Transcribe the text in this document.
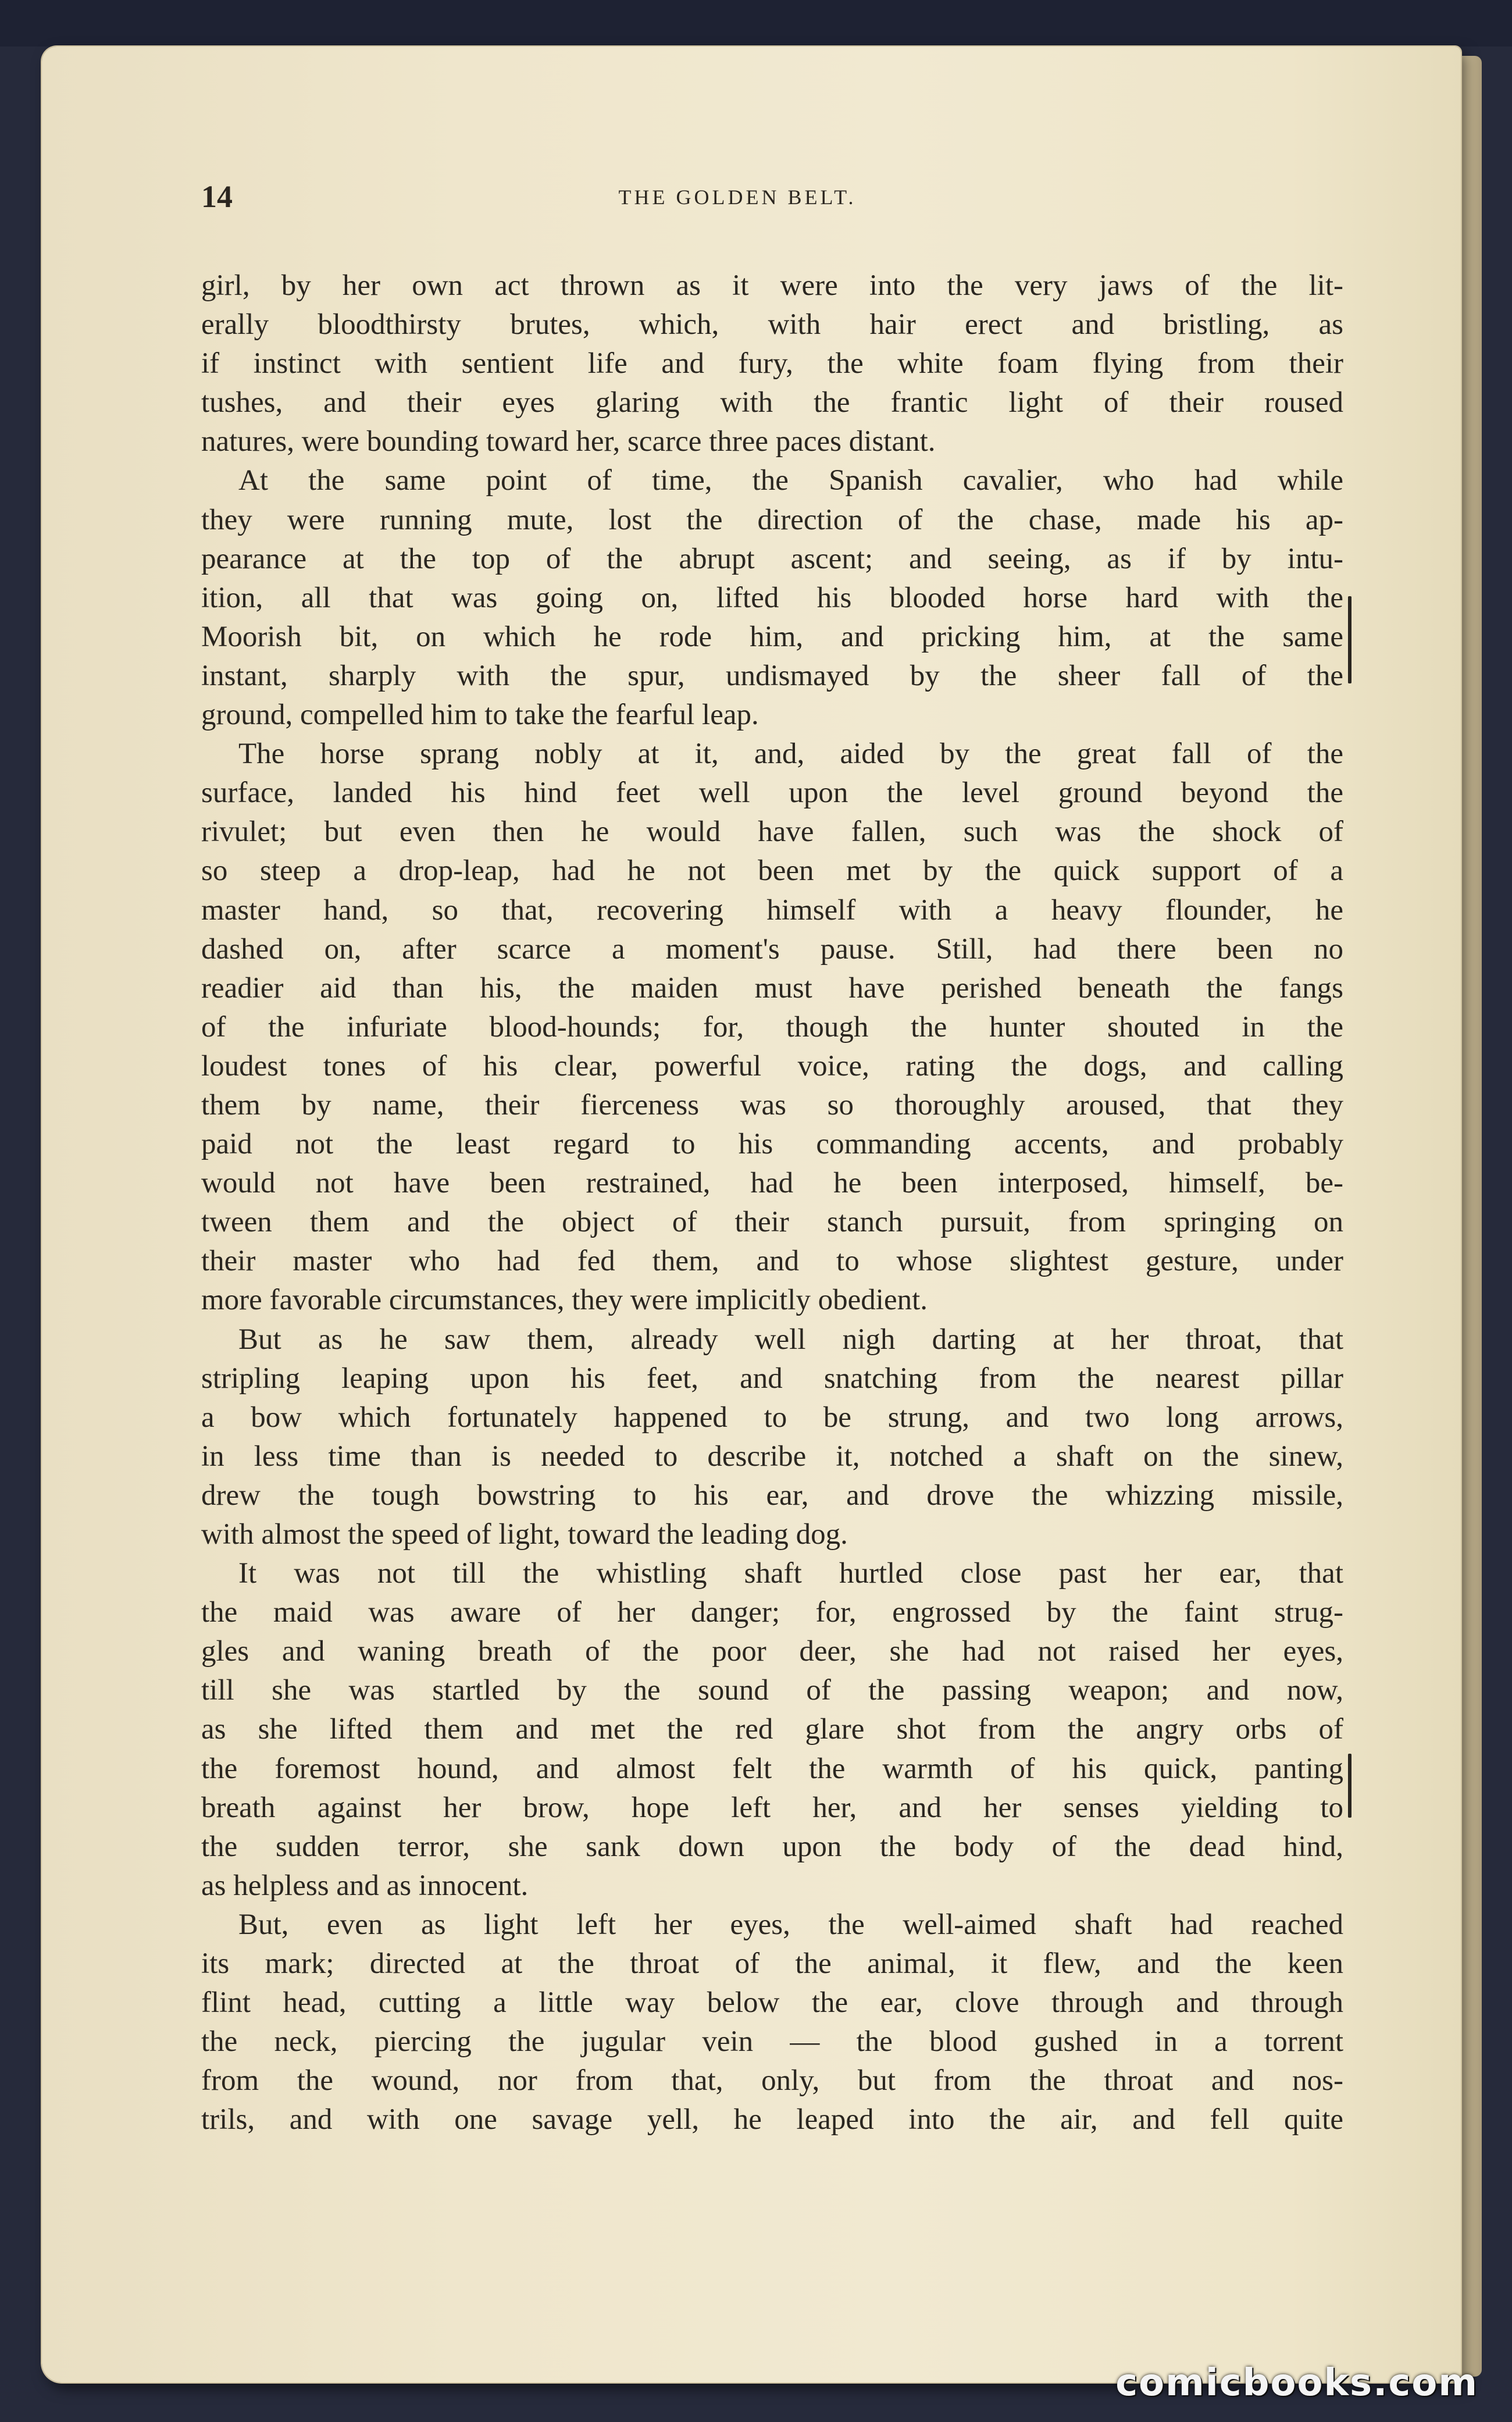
14	THE GOLDEN BELT.
girl, by her own act thrown as it were into the very jaws of the lit-
erally bloodthirsty brutes, which, with hair erect and bristling, as
if instinct with sentient life and fury, the white foam flying from their
tushes, and their eyes glaring with the frantic light of their roused
natures, were bounding toward her, scarce three paces distant.
At the same point of time, the Spanish cavalier, who had while
they were running mute, lost the direction of the chase, made his ap-
pearance at the top of the abrupt ascent; and seeing, as if by intu-
ition, all that was going on, lifted his blooded horse hard with the
Moorish bit, on which he rode him, and pricking him, at the same
instant, sharply with the spur, undismayed by the sheer fall of the
ground, compelled him to take the fearful leap.
The horse sprang nobly at it, and, aided by the great fall of the
surface, landed his hind feet well upon the level ground beyond the
rivulet; but even then he would have fallen, such was the shock of
so steep a drop-leap, had he not been met by the quick support of a
master hand, so that, recovering himself with a heavy flounder, he
dashed on, after scarce a moment's pause. Still, had there been no
readier aid than his, the maiden must have perished beneath the fangs
of the infuriate blood-hounds; for, though the hunter shouted in the
loudest tones of his clear, powerful voice, rating the dogs, and calling
them by name, their fierceness was so thoroughly aroused, that they
paid not the least regard to his commanding accents, and probably
would not have been restrained, had he been interposed, himself, be-
tween them and the object of their stanch pursuit, from springing on
their master who had fed them, and to whose slightest gesture, under
more favorable circumstances, they were implicitly obedient.
But as he saw them, already well nigh darting at her throat, that
stripling leaping upon his feet, and snatching from the nearest pillar
a bow which fortunately happened to be strung, and two long arrows,
in less time than is needed to describe it, notched a shaft on the sinew,
drew the tough bowstring to his ear, and drove the whizzing missile,
with almost the speed of light, toward the leading dog.
It was not till the whistling shaft hurtled close past her ear, that
the maid was aware of her danger; for, engrossed by the faint strug-
gles and waning breath of the poor deer, she had not raised her eyes,
till she was startled by the sound of the passing weapon; and now,
as she lifted them and met the red glare shot from the angry orbs of
the foremost hound, and almost felt the warmth of his quick, panting
breath against her brow, hope left her, and her senses yielding to
the sudden terror, she sank down upon the body of the dead hind,
as helpless and as innocent.
But, even as light left her eyes, the well-aimed shaft had reached
its mark; directed at the throat of the animal, it flew, and the keen
flint head, cutting a little way below the ear, clove through and through
the neck, piercing the jugular vein — the blood gushed in a torrent
from the wound, nor from that, only, but from the throat and nos-
trils, and with one savage yell, he leaped into the air, and fell quite
comicbooks.com
